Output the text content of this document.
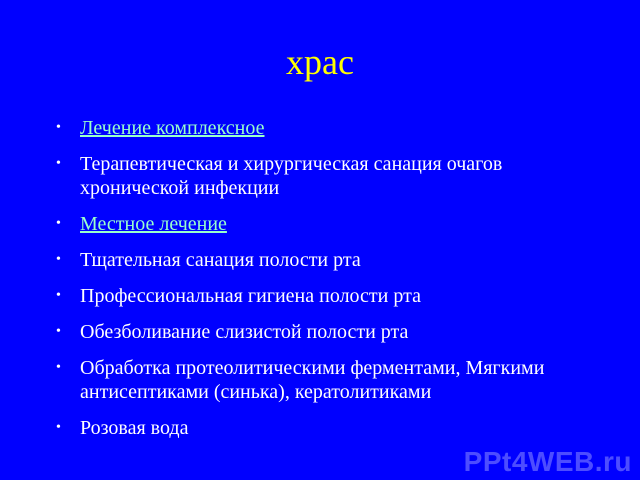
храс
• Лечение комплексное
• Терапевтическая и хирургическая санация очагов хронической инфекции
• Местное лечение
• Тщательная санация полости рта
• Профессиональная гигиена полости рта
• Обезболивание слизистой полости рта
• Обработка протеолитическими ферментами, Мягкими антисептиками (синька), кератолитиками
• Розовая вода
PPt4WEB.ru
